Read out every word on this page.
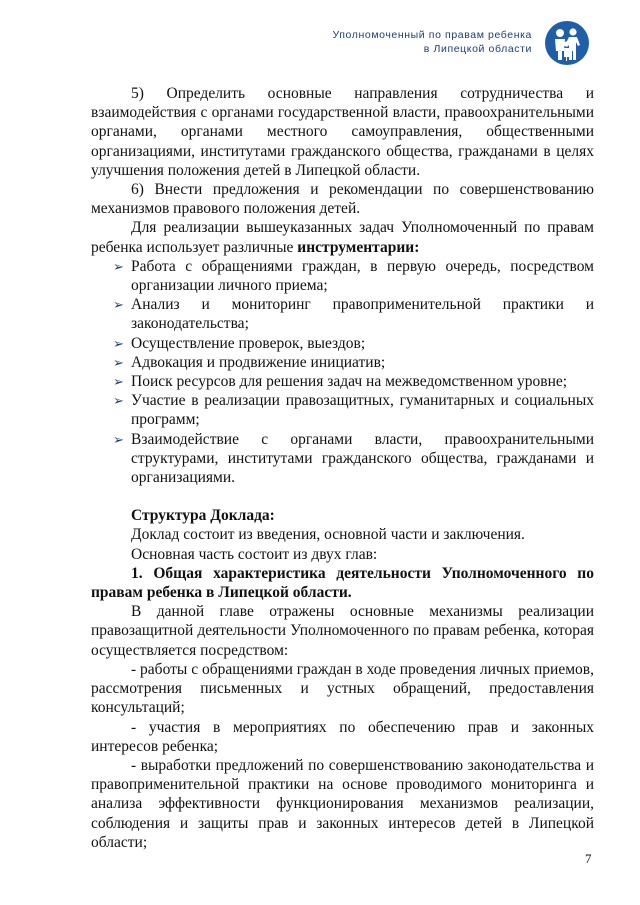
Уполномоченный по правам ребенка
в Липецкой области

5) Определить основные направления сотрудничества и взаимодействия с органами государственной власти, правоохранительными органами, органами местного самоуправления, общественными организациями, институтами гражданского общества, гражданами в целях улучшения положения детей в Липецкой области.

6) Внести предложения и рекомендации по совершенствованию механизмов правового положения детей.

Для реализации вышеуказанных задач Уполномоченный по правам ребенка использует различные инструментарии:

➢ Работа с обращениями граждан, в первую очередь, посредством организации личного приема;
➢ Анализ и мониторинг правоприменительной практики и законодательства;
➢ Осуществление проверок, выездов;
➢ Адвокация и продвижение инициатив;
➢ Поиск ресурсов для решения задач на межведомственном уровне;
➢ Участие в реализации правозащитных, гуманитарных и социальных программ;
➢ Взаимодействие с органами власти, правоохранительными структурами, институтами гражданского общества, гражданами и организациями.

Структура Доклада:

Доклад состоит из введения, основной части и заключения.

Основная часть состоит из двух глав:

1. Общая характеристика деятельности Уполномоченного по правам ребенка в Липецкой области.

В данной главе отражены основные механизмы реализации правозащитной деятельности Уполномоченного по правам ребенка, которая осуществляется посредством:

- работы с обращениями граждан в ходе проведения личных приемов, рассмотрения письменных и устных обращений, предоставления консультаций;

- участия в мероприятиях по обеспечению прав и законных интересов ребенка;

- выработки предложений по совершенствованию законодательства и правоприменительной практики на основе проводимого мониторинга и анализа эффективности функционирования механизмов реализации, соблюдения и защиты прав и законных интересов детей в Липецкой области;

7
